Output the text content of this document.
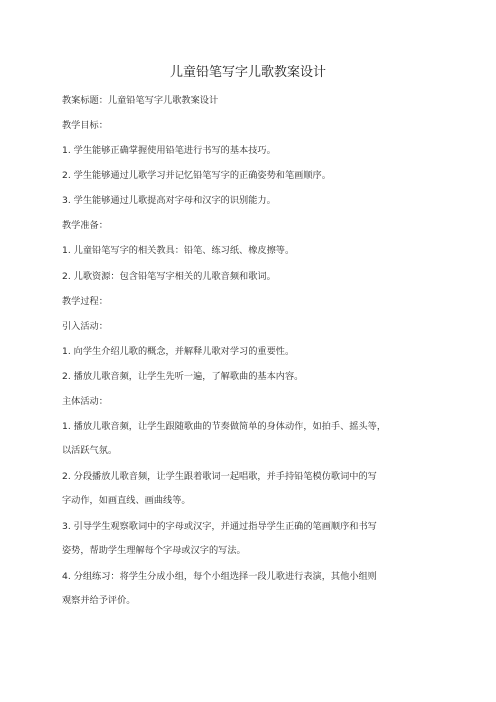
儿童铅笔写字儿歌教案设计
教案标题：儿童铅笔写字儿歌教案设计
教学目标：
1. 学生能够正确掌握使用铅笔进行书写的基本技巧。
2. 学生能够通过儿歌学习并记忆铅笔写字的正确姿势和笔画顺序。
3. 学生能够通过儿歌提高对字母和汉字的识别能力。
教学准备：
1. 儿童铅笔写字的相关教具：铅笔、练习纸、橡皮擦等。
2. 儿歌资源：包含铅笔写字相关的儿歌音频和歌词。
教学过程：
引入活动：
1. 向学生介绍儿歌的概念，并解释儿歌对学习的重要性。
2. 播放儿歌音频，让学生先听一遍，了解歌曲的基本内容。
主体活动：
1. 播放儿歌音频，让学生跟随歌曲的节奏做简单的身体动作，如拍手、摇头等，
以活跃气氛。
2. 分段播放儿歌音频，让学生跟着歌词一起唱歌，并手持铅笔模仿歌词中的写
字动作，如画直线、画曲线等。
3. 引导学生观察歌词中的字母或汉字，并通过指导学生正确的笔画顺序和书写
姿势，帮助学生理解每个字母或汉字的写法。
4. 分组练习：将学生分成小组，每个小组选择一段儿歌进行表演，其他小组则
观察并给予评价。
